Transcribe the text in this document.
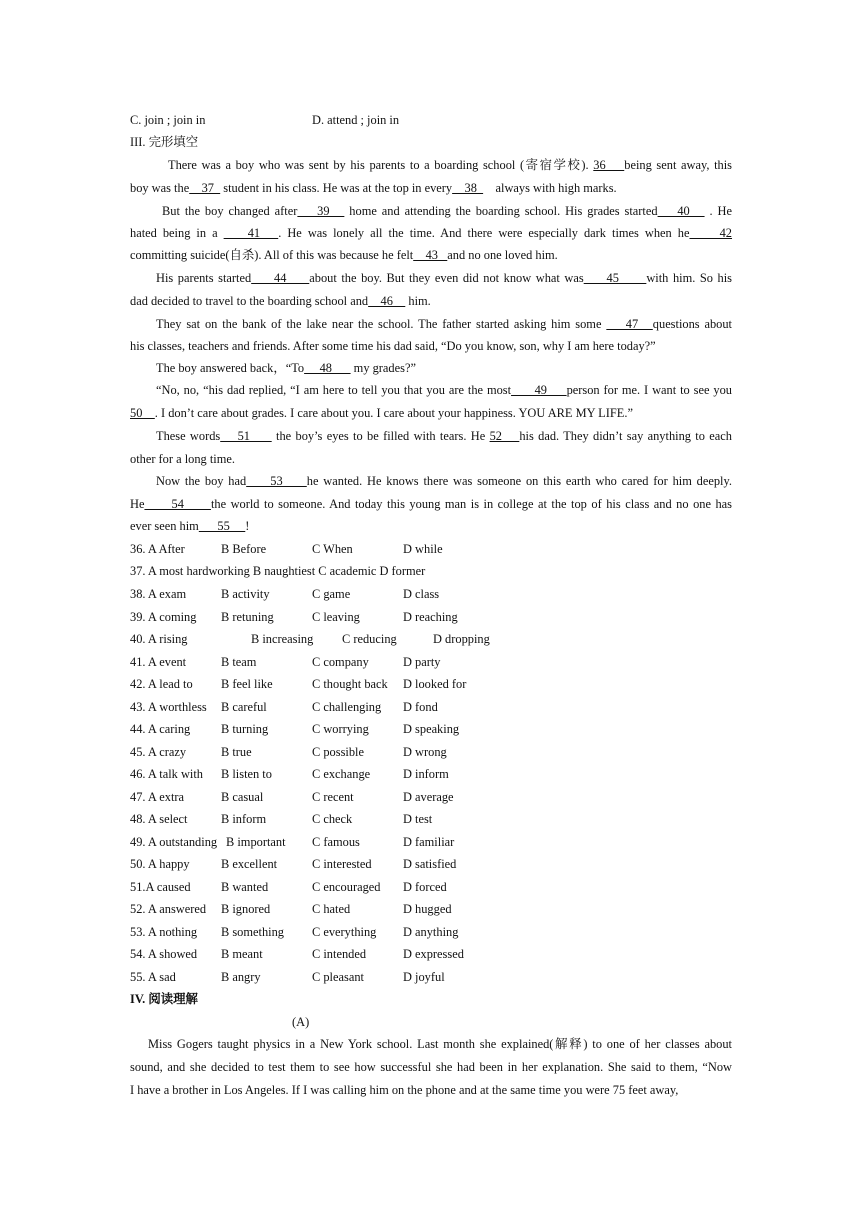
C. join ; join in	D. attend ; join in
III. 完形填空
There was a boy who was sent by his parents to a boarding school (寄宿学校). 36    being sent away, this
boy was the    37   student in his class. He was at the top in every    38      always with high marks.
But the boy changed after    39    home and attending the boarding school. His grades started    40    . He
hated being in a     41   . He was lonely all the time. And there were especially dark times when he     42
committing suicide(自杀). All of this was because he felt    43   and no one loved him.
His parents started     44     about the boy. But they even did not know what was     45      with him. So his
dad decided to travel to the boarding school and    46     him.
They sat on the bank of the lake near the school. The father started asking him some     47   questions about
his classes, teachers and friends. After some time his dad said, “Do you know, son, why I am here today?”
The boy answered back，“To     48       my grades?”
“No, no, “his dad replied, “I am here to tell you that you are the most      49     person for me. I want to see you
50    . I don’t care about grades. I care about you. I care about your happiness. YOU ARE MY LIFE.”
These words    51      the boy’s eyes to be filled with tears. He 52    his dad. They didn’t say anything to each
other for a long time.
Now the boy had     53     he wanted. He knows there was someone on this earth who cared for him deeply.
He      54      the world to someone. And today this young man is in college at the top of his class and no one has
ever seen him      55     !
36. A After	B Before	C When	D while
37. A most hardworking B naughtiest C academic D former
38. A exam	B activity	C game	D class
39. A coming B retuning	C leaving	D reaching
40. A rising	B increasing C reducing	D dropping
41. A event	B team	C company	D party
42. A lead to B feel like	C thought back D looked for
43. A worthless B careful	C challenging D fond
44. A caring B turning	C worrying	D speaking
45. A crazy	B true	C possible	D wrong
46. A talk with B listen to	C exchange	D inform
47. A extra	B casual	C recent	D average
48. A select	B inform	C check	D test
49. A outstanding B important C famous	D familiar
50. A happy	B excellent	C interested	D satisfied
51.A caused B wanted	C encouraged D forced
52. A answered B ignored	C hated	D hugged
53. A nothing B something C everything D anything
54. A showed B meant	C intended	D expressed
55. A sad	B angry	C pleasant	D joyful
IV. 阅读理解
(A)
Miss Gogers taught physics in a New York school. Last month she explained(解释) to one of her classes about
sound, and she decided to test them to see how successful she had been in her explanation. She said to them, “Now
I have a brother in Los Angeles. If I was calling him on the phone and at the same time you were 75 feet away,
